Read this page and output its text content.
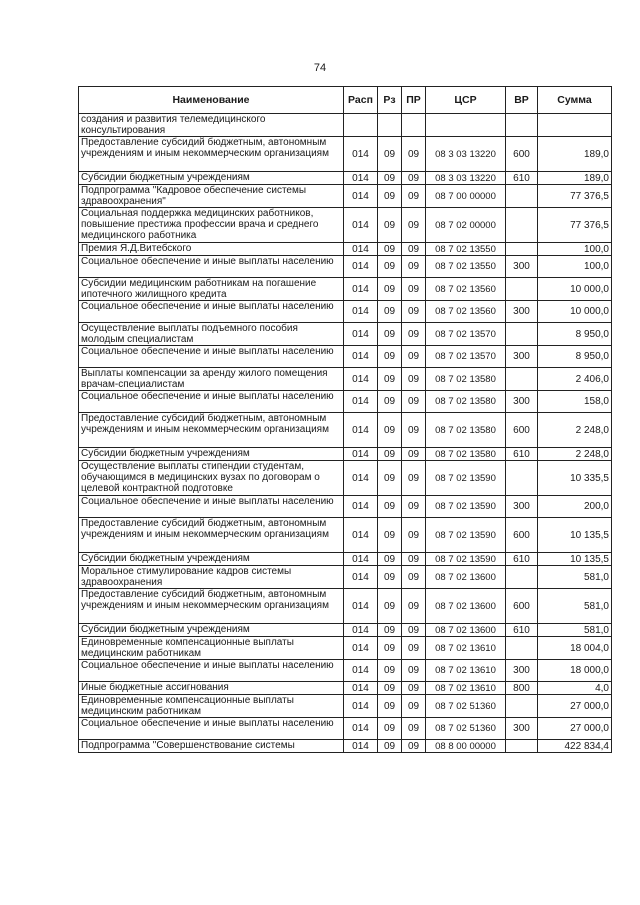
74
Наименование	Расп	Рз	ПР	ЦСР	ВР	Сумма
создания и развития телемедицинского консультирования						
Предоставление субсидий бюджетным, автономным учреждениям и иным некоммерческим организациям	014	09	09	08 3 03 13220	600	189,0
Субсидии бюджетным учреждениям	014	09	09	08 3 03 13220	610	189,0
Подпрограмма "Кадровое обеспечение системы здравоохранения"	014	09	09	08 7 00 00000		77 376,5
Социальная поддержка медицинских работников, повышение престижа профессии врача и среднего медицинского работника	014	09	09	08 7 02 00000		77 376,5
Премия Я.Д.Витебского	014	09	09	08 7 02 13550		100,0
Социальное обеспечение и иные выплаты населению	014	09	09	08 7 02 13550	300	100,0
Субсидии медицинским работникам на погашение ипотечного жилищного кредита	014	09	09	08 7 02 13560		10 000,0
Социальное обеспечение и иные выплаты населению	014	09	09	08 7 02 13560	300	10 000,0
Осуществление выплаты подъемного пособия молодым специалистам	014	09	09	08 7 02 13570		8 950,0
Социальное обеспечение и иные выплаты населению	014	09	09	08 7 02 13570	300	8 950,0
Выплаты компенсации за аренду жилого помещения врачам-специалистам	014	09	09	08 7 02 13580		2 406,0
Социальное обеспечение и иные выплаты населению	014	09	09	08 7 02 13580	300	158,0
Предоставление субсидий бюджетным, автономным учреждениям и иным некоммерческим организациям	014	09	09	08 7 02 13580	600	2 248,0
Субсидии бюджетным учреждениям	014	09	09	08 7 02 13580	610	2 248,0
Осуществление выплаты стипендии студентам, обучающимся в медицинских вузах по договорам о целевой контрактной подготовке	014	09	09	08 7 02 13590		10 335,5
Социальное обеспечение и иные выплаты населению	014	09	09	08 7 02 13590	300	200,0
Предоставление субсидий бюджетным, автономным учреждениям и иным некоммерческим организациям	014	09	09	08 7 02 13590	600	10 135,5
Субсидии бюджетным учреждениям	014	09	09	08 7 02 13590	610	10 135,5
Моральное стимулирование кадров системы здравоохранения	014	09	09	08 7 02 13600		581,0
Предоставление субсидий бюджетным, автономным учреждениям и иным некоммерческим организациям	014	09	09	08 7 02 13600	600	581,0
Субсидии бюджетным учреждениям	014	09	09	08 7 02 13600	610	581,0
Единовременные компенсационные выплаты медицинским работникам	014	09	09	08 7 02 13610		18 004,0
Социальное обеспечение и иные выплаты населению	014	09	09	08 7 02 13610	300	18 000,0
Иные бюджетные ассигнования	014	09	09	08 7 02 13610	800	4,0
Единовременные компенсационные выплаты медицинским работникам	014	09	09	08 7 02 51360		27 000,0
Социальное обеспечение и иные выплаты населению	014	09	09	08 7 02 51360	300	27 000,0
Подпрограмма "Совершенствование системы	014	09	09	08 8 00 00000		422 834,4
